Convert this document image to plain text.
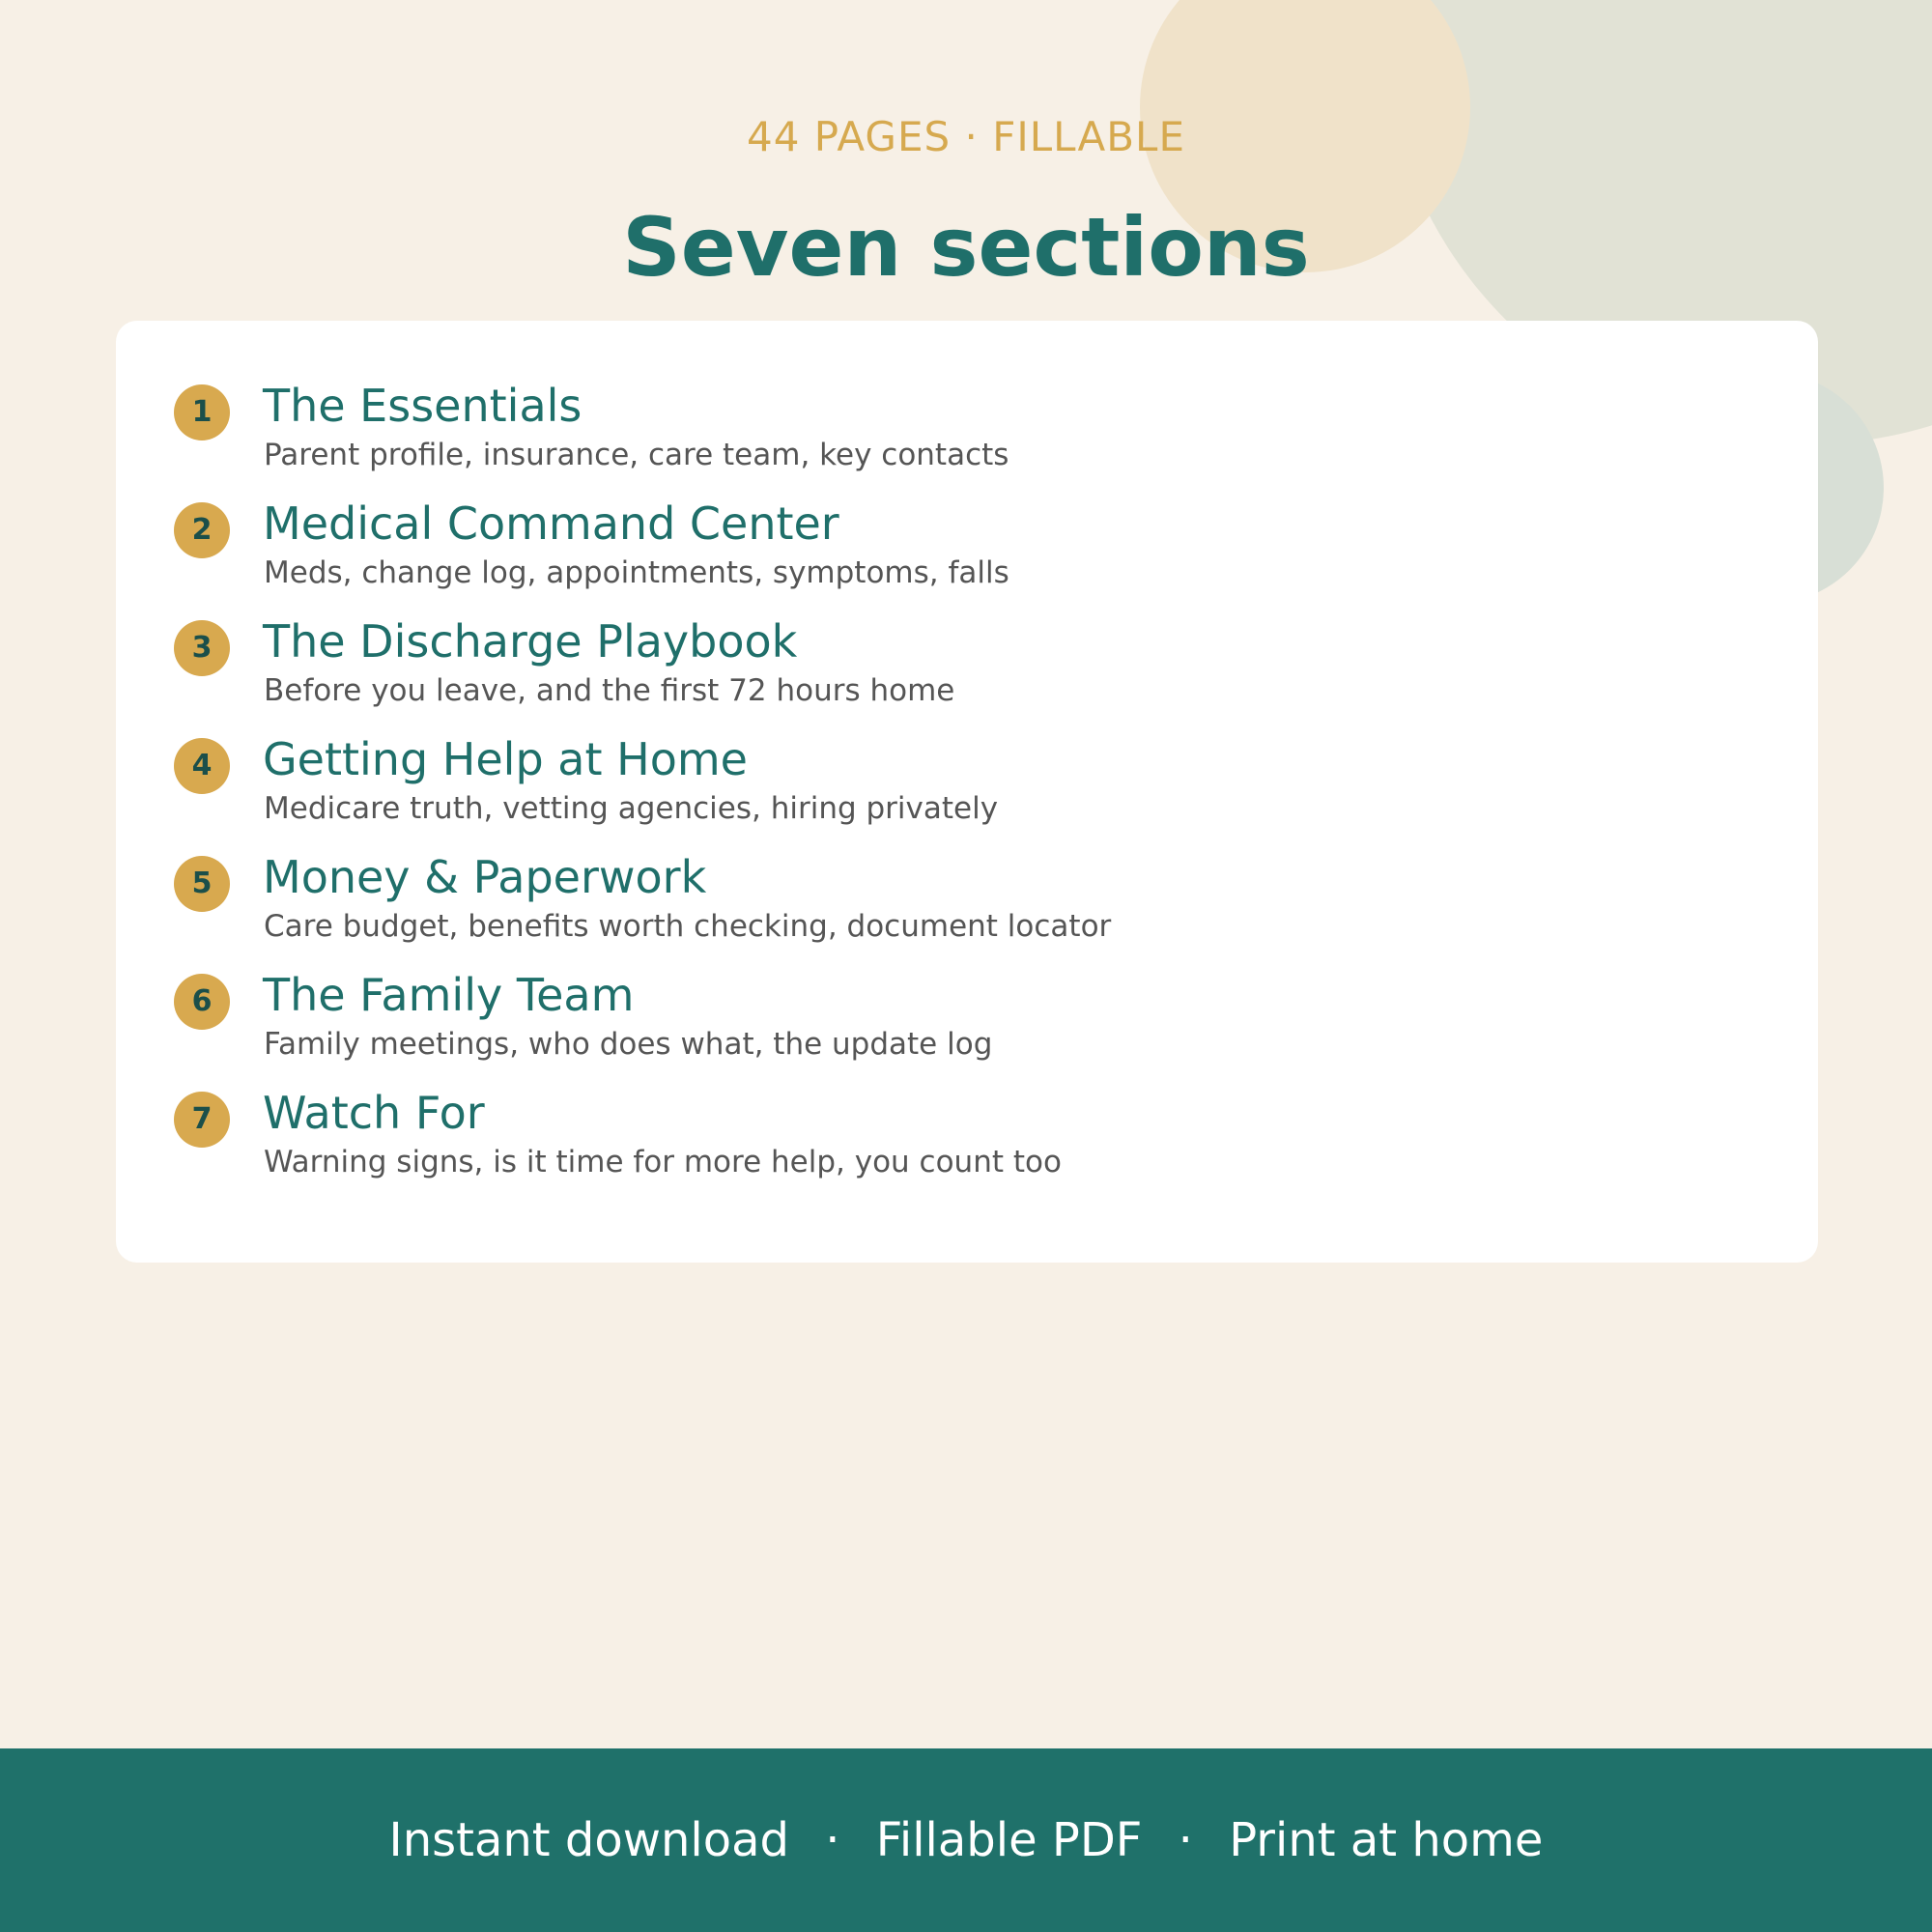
44 PAGES · FILLABLE
Seven sections
1	The Essentials
Parent profile, insurance, care team, key contacts
2	Medical Command Center
Meds, change log, appointments, symptoms, falls
3	The Discharge Playbook
Before you leave, and the first 72 hours home
4	Getting Help at Home
Medicare truth, vetting agencies, hiring privately
5	Money & Paperwork
Care budget, benefits worth checking, document locator
6	The Family Team
Family meetings, who does what, the update log
7	Watch For
Warning signs, is it time for more help, you count too
Instant download · Fillable PDF · Print at home
